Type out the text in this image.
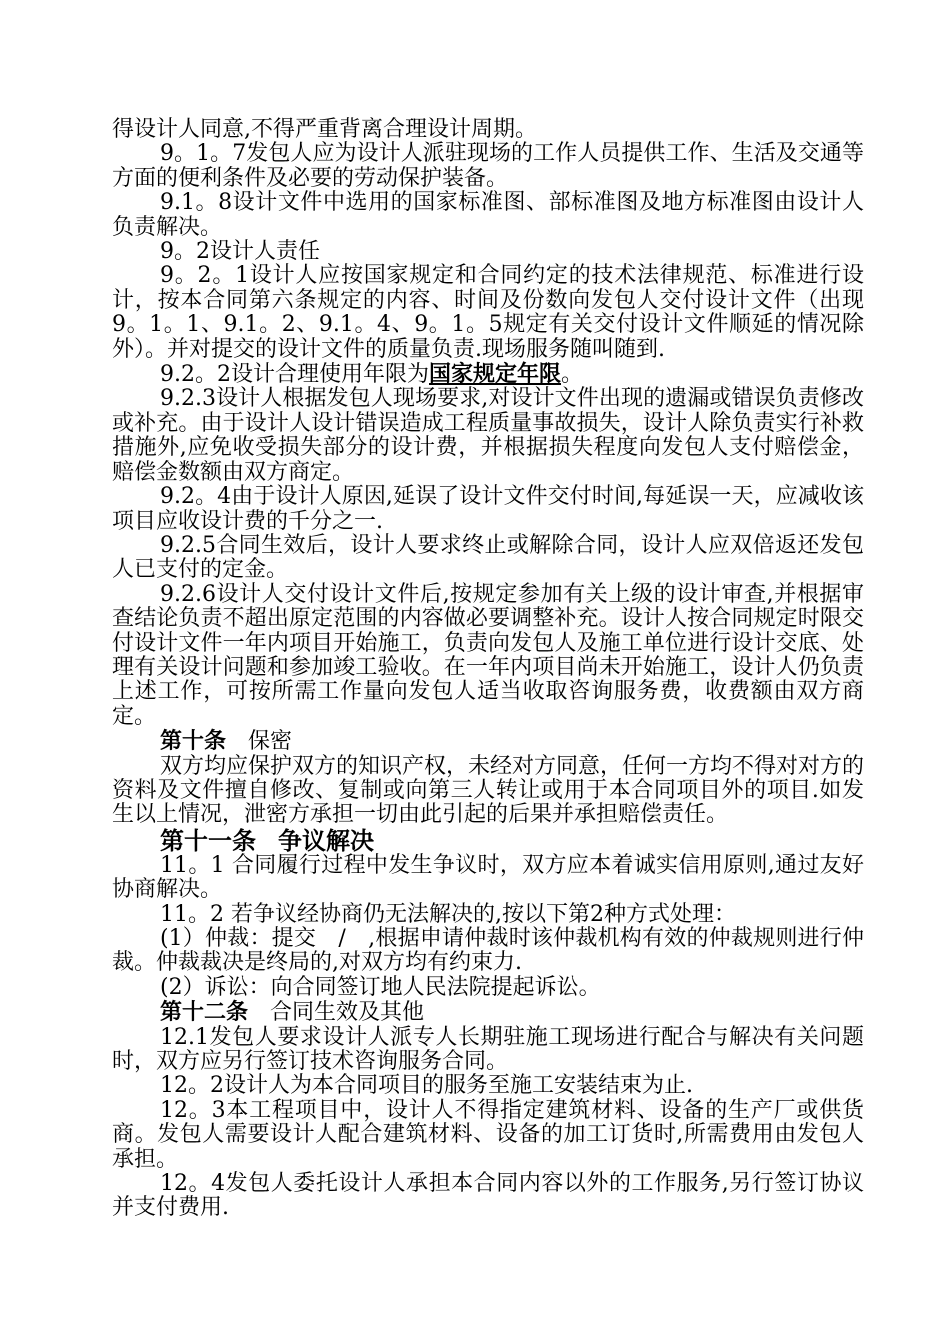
得设计人同意,不得严重背离合理设计周期。

9。1。7发包人应为设计人派驻现场的工作人员提供工作、生活及交通等方面的便利条件及必要的劳动保护装备。

9.1。8设计文件中选用的国家标准图、部标准图及地方标准图由设计人负责解决。

9。2设计人责任

9。2。1设计人应按国家规定和合同约定的技术法律规范、标准进行设计，按本合同第六条规定的内容、时间及份数向发包人交付设计文件（出现9。1。1、9.1。2、9.1。4、9。1。5规定有关交付设计文件顺延的情况除外）。并对提交的设计文件的质量负责.现场服务随叫随到.

9.2。2设计合理使用年限为国家规定年限。

9.2.3设计人根据发包人现场要求,对设计文件出现的遗漏或错误负责修改或补充。由于设计人设计错误造成工程质量事故损失，设计人除负责实行补救措施外,应免收受损失部分的设计费，并根据损失程度向发包人支付赔偿金，赔偿金数额由双方商定。

9.2。4由于设计人原因,延误了设计文件交付时间,每延误一天，应减收该项目应收设计费的千分之一.

9.2.5合同生效后，设计人要求终止或解除合同，设计人应双倍返还发包人已支付的定金。

9.2.6设计人交付设计文件后,按规定参加有关上级的设计审查,并根据审查结论负责不超出原定范围的内容做必要调整补充。设计人按合同规定时限交付设计文件一年内项目开始施工，负责向发包人及施工单位进行设计交底、处理有关设计问题和参加竣工验收。在一年内项目尚未开始施工，设计人仍负责上述工作，可按所需工作量向发包人适当收取咨询服务费，收费额由双方商定。

第十条 保密

双方均应保护双方的知识产权，未经对方同意，任何一方均不得对对方的资料及文件擅自修改、复制或向第三人转让或用于本合同项目外的项目.如发生以上情况，泄密方承担一切由此引起的后果并承担赔偿责任。

第十一条 争议解决

11。1 合同履行过程中发生争议时，双方应本着诚实信用原则,通过友好协商解决。

11。2 若争议经协商仍无法解决的,按以下第2种方式处理：

(1）仲裁：提交　/　,根据申请仲裁时该仲裁机构有效的仲裁规则进行仲裁。仲裁裁决是终局的,对双方均有约束力.

(2）诉讼：向合同签订地人民法院提起诉讼。

第十二条 合同生效及其他

12.1发包人要求设计人派专人长期驻施工现场进行配合与解决有关问题时，双方应另行签订技术咨询服务合同。

12。2设计人为本合同项目的服务至施工安装结束为止.

12。3本工程项目中，设计人不得指定建筑材料、设备的生产厂或供货商。发包人需要设计人配合建筑材料、设备的加工订货时,所需费用由发包人承担。

12。4发包人委托设计人承担本合同内容以外的工作服务,另行签订协议并支付费用.
